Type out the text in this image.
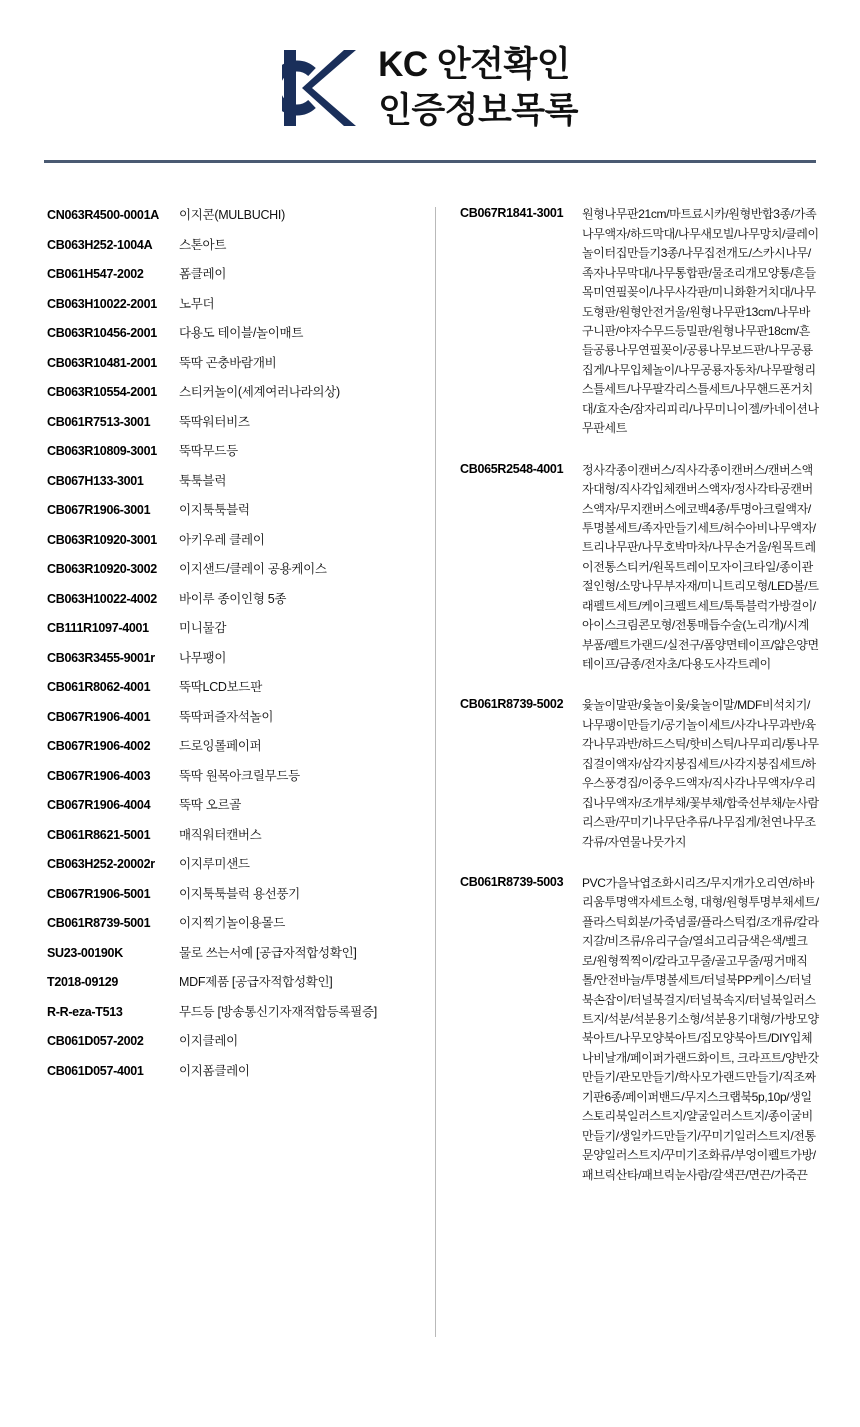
KC 안전확인
인증정보목록
CN063R4500-0001A	이지콘(MULBUCHI)
CB063H252-1004A	스톤아트
CB061H547-2002	폼클레이
CB063H10022-2001	노무더
CB063R10456-2001	다용도 테이블/놀이매트
CB063R10481-2001	뚝딱 곤충바람개비
CB063R10554-2001	스티커놀이(세계여러나라의상)
CB061R7513-3001	뚝딱워터비즈
CB063R10809-3001	뚝딱무드등
CB067H133-3001	툭툭블럭
CB067R1906-3001	이지툭툭블럭
CB063R10920-3001	아키우레 클레이
CB063R10920-3002	이지샌드/클레이 공용케이스
CB063H10022-4002	바이루 종이인형 5종
CB111R1097-4001	미니물감
CB063R3455-9001r	나무팽이
CB061R8062-4001	뚝딱LCD보드판
CB067R1906-4001	뚝딱퍼즐자석놀이
CB067R1906-4002	드로잉롤페이퍼
CB067R1906-4003	뚝딱 원목아크릴무드등
CB067R1906-4004	뚝딱 오르골
CB061R8621-5001	매직워터캔버스
CB063H252-20002r	이지루미샌드
CB067R1906-5001	이지툭툭블럭 용선풍기
CB061R8739-5001	이지찍기놀이용몰드
SU23-00190K	물로 쓰는서예 [공급자적합성확인]
T2018-09129	MDF제품 [공급자적합성확인]
R-R-eza-T513	무드등 [방송통신기자재적합등록필증]
CB061D057-2002	이지클레이
CB061D057-4001	이지폼클레이
CB067R1841-3001	원형나무판21cm/마트료시카/원형반합3종/가족나무액자/하드막대/나무새모빌/나무망치/클레이놀이터집만들기3종/나무집전개도/스카시나무/족자나무막대/나무통합판/물조리개모양통/흔들목미연필꽂이/나무사각판/미니화환거치대/나무도형판/원형안전거울/원형나무판13cm/나무바구니판/야자수무드등밀판/원형나무판18cm/흔들공룡나무연필꽂이/공룡나무보드판/나무공룡집게/나무입체놀이/나무공룡자동차/나무팔형리스틀세트/나무팔각리스틀세트/나무핸드폰거치대/효자손/잠자리피리/나무미니이젤/카네이션나무판세트
CB065R2548-4001	정사각종이캔버스/직사각종이캔버스/캔버스액자대형/직사각입체캔버스액자/정사각타공캔버스액자/무지캔버스에코백4종/투명아크릴액자/투명볼세트/족자만들기세트/허수아비나무액자/트리나무판/나무호박마차/나무손거울/원목트레이전통스티커/원목트레이모자이크타일/종이관절인형/소망나무부자재/미니트리모형/LED볼/트래펠트세트/케이크펠트세트/툭툭블럭가방걸이/아이스크림콘모형/전통매듭수술(노리개)/시계부품/펠트가랜드/실전구/폼양면테이프/얇은양면테이프/금종/전자초/다용도사각트레이
CB061R8739-5002	윷놀이말판/윷놀이윷/윷놀이말/MDF비석치기/나무팽이만들기/공기놀이세트/사각나무과반/육각나무과반/하드스틱/핫비스틱/나무피리/통나무집걸이액자/삼각지붕집세트/사각지붕집세트/하우스풍경집/이중우드액자/직사각나무액자/우리집나무액자/조개부채/꽃부채/합죽선부채/눈사람리스판/꾸미기나무단추류/나무집게/천연나무조각류/자연물나뭇가지
CB061R8739-5003	PVC가을낙엽조화시리즈/무지개가오리연/하바리움투명액자세트소형, 대형/원형투명부채세트/플라스틱회분/가죽념콜/플라스틱컵/조개류/칼라지갈/비즈류/유리구슬/열쇠고리금색은색/벨크로/원형찍찍이/칼라고무줄/골고무줄/핑거매직톨/안전바늘/투명볼세트/터널북PP케이스/터널북손잡이/터널북걸지/터널북속지/터널북일러스트지/석분/석분용기소형/석분용기대형/가방모양북아트/나무모양북아트/집모양북아트/DIY입체나비날개/페이퍼가랜드화이트, 크라프트/양반갓만들기/관모만들기/학사모가랜드만들기/직조짜기판6종/페이퍼밴드/무지스크랩북5p,10p/생일스토리북일러스트지/얄굴일러스트지/종이굴비만들기/생일카드만들기/꾸미기일러스트지/전통문양일러스트지/꾸미기조화류/부엉이펠트가방/패브릭산타/패브릭눈사람/갈색끈/면끈/가죽끈
